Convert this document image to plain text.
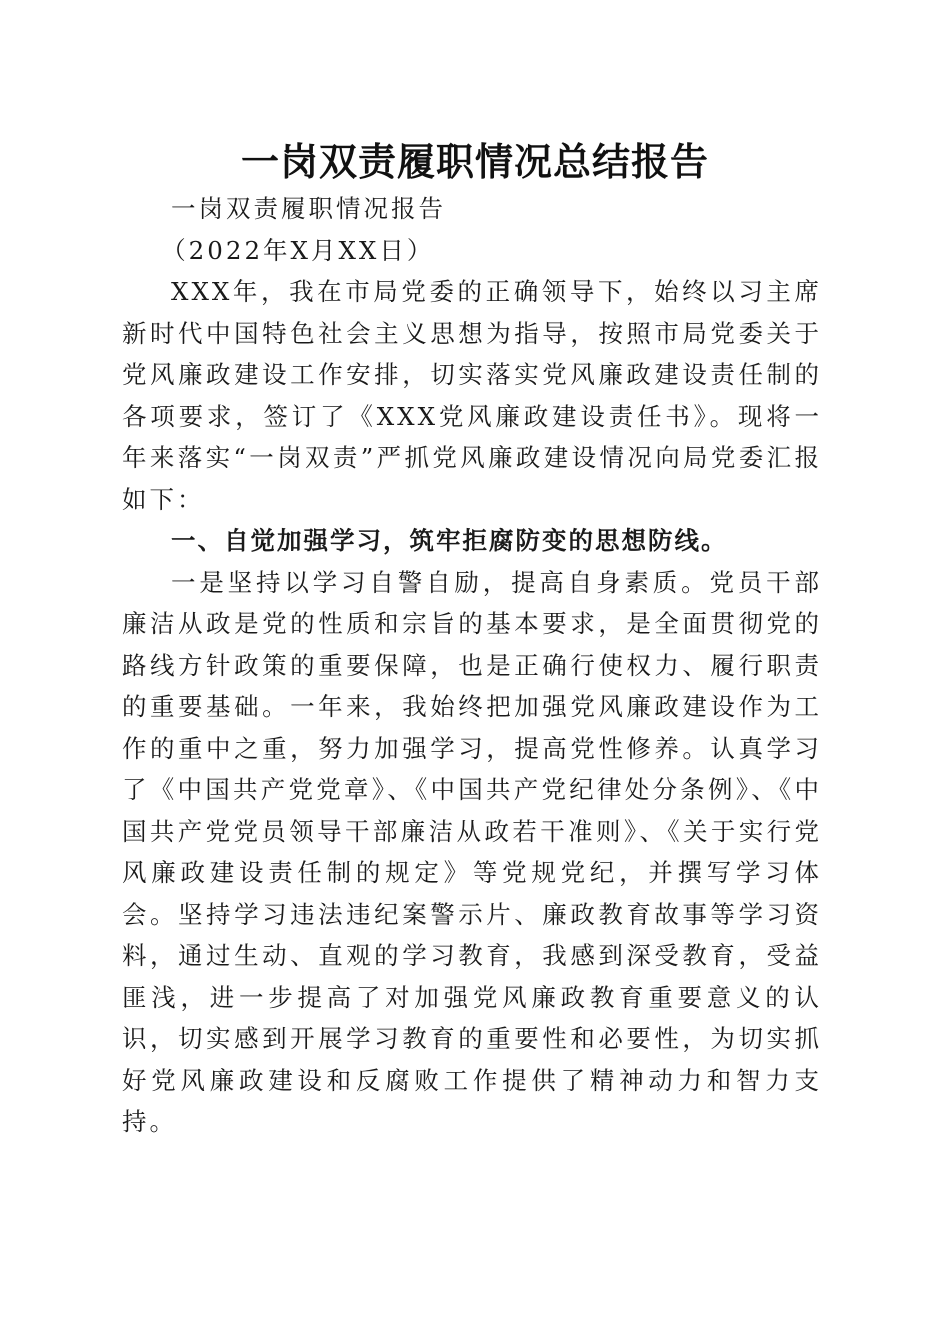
一岗双责履职情况总结报告

一岗双责履职情况报告

（2022年X月XX日）

XXX年，我在市局党委的正确领导下，始终以习主席新时代中国特色社会主义思想为指导，按照市局党委关于党风廉政建设工作安排，切实落实党风廉政建设责任制的各项要求，签订了《XXX党风廉政建设责任书》。现将一年来落实“一岗双责”严抓党风廉政建设情况向局党委汇报如下：

一、自觉加强学习，筑牢拒腐防变的思想防线。

一是坚持以学习自警自励，提高自身素质。党员干部廉洁从政是党的性质和宗旨的基本要求，是全面贯彻党的路线方针政策的重要保障，也是正确行使权力、履行职责的重要基础。一年来，我始终把加强党风廉政建设作为工作的重中之重，努力加强学习，提高党性修养。认真学习了《中国共产党党章》、《中国共产党纪律处分条例》、《中国共产党党员领导干部廉洁从政若干准则》、《关于实行党风廉政建设责任制的规定》等党规党纪，并撰写学习体会。坚持学习违法违纪案警示片、廉政教育故事等学习资料，通过生动、直观的学习教育，我感到深受教育，受益匪浅，进一步提高了对加强党风廉政教育重要意义的认识，切实感到开展学习教育的重要性和必要性，为切实抓好党风廉政建设和反腐败工作提供了精神动力和智力支持。
